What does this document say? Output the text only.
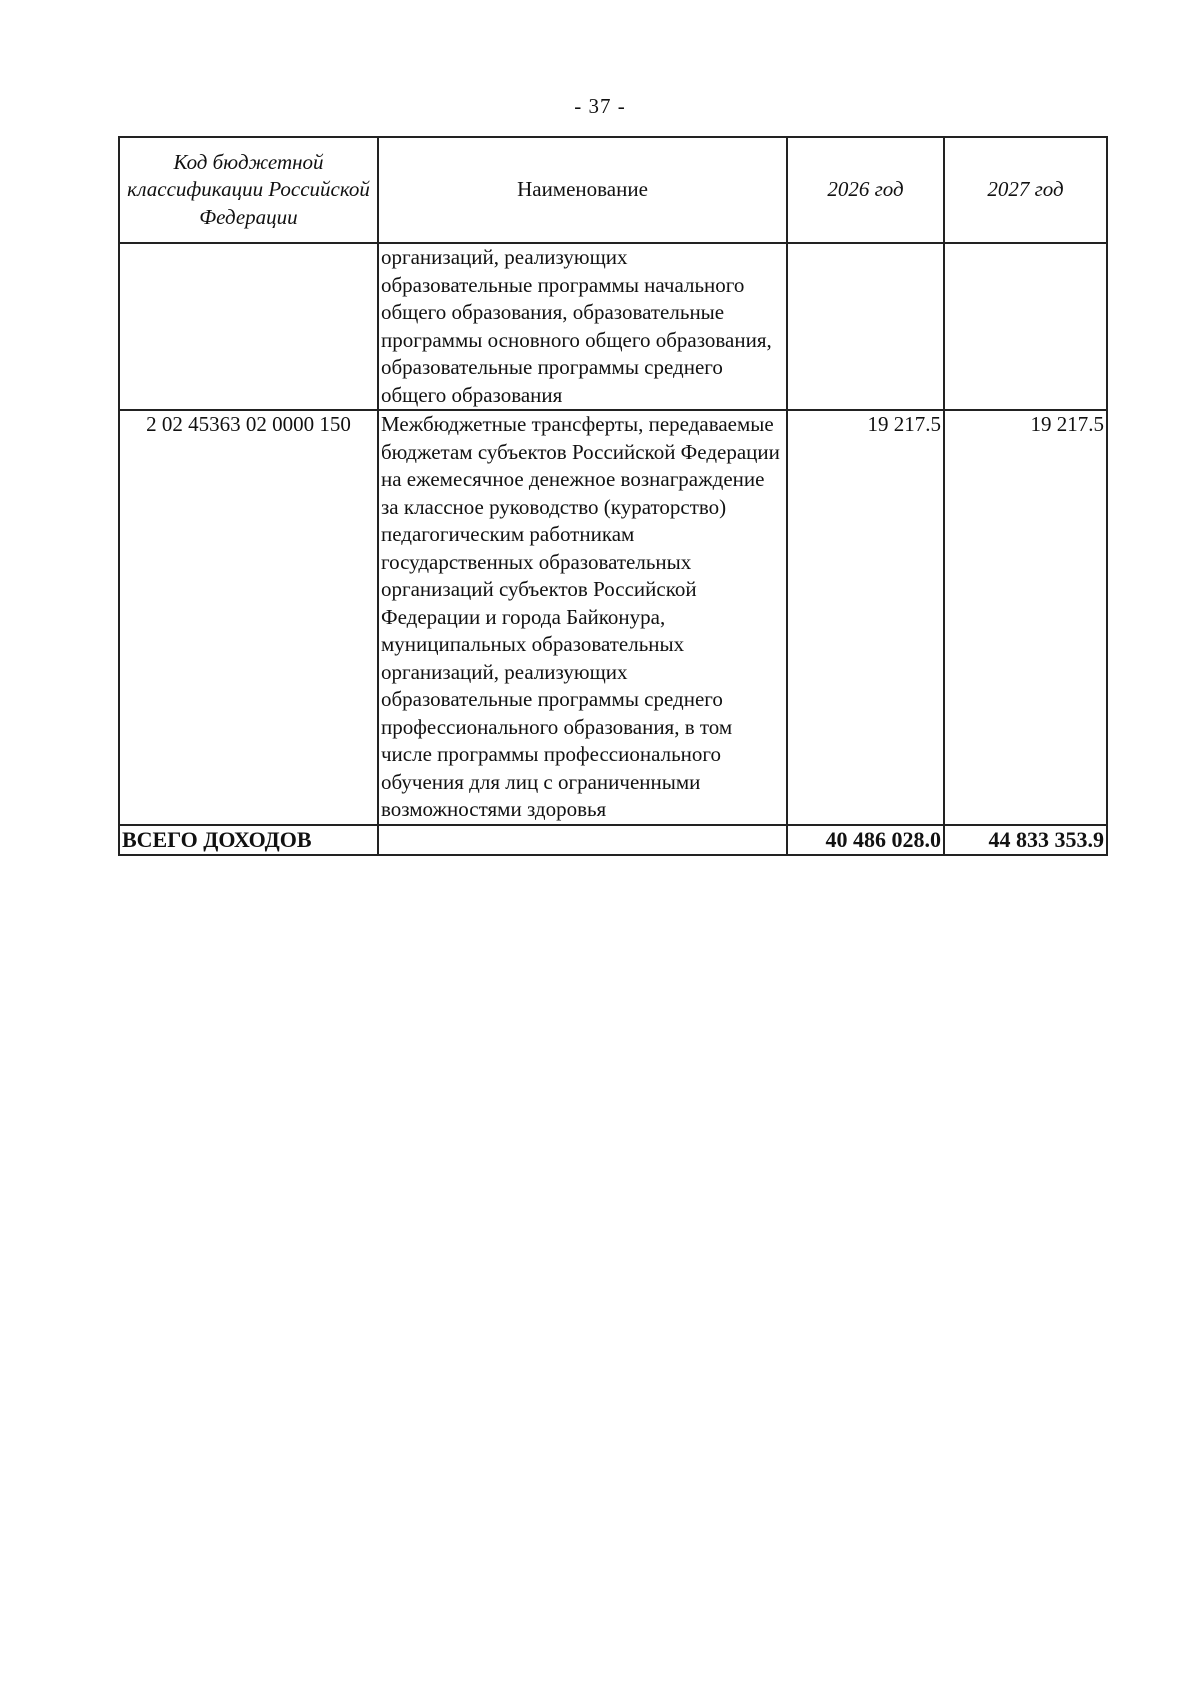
- 37 -
Код бюджетной классификации Российской Федерации	Наименование	2026 год	2027 год
	организаций, реализующих образовательные программы начального общего образования, образовательные программы основного общего образования, образовательные программы среднего общего образования		
2 02 45363 02 0000 150	Межбюджетные трансферты, передаваемые бюджетам субъектов Российской Федерации на ежемесячное денежное вознаграждение за классное руководство (кураторство) педагогическим работникам государственных образовательных организаций субъектов Российской Федерации и города Байконура, муниципальных образовательных организаций, реализующих образовательные программы среднего профессионального образования, в том числе программы профессионального обучения для лиц с ограниченными возможностями здоровья	19 217.5	19 217.5
ВСЕГО ДОХОДОВ		40 486 028.0	44 833 353.9
